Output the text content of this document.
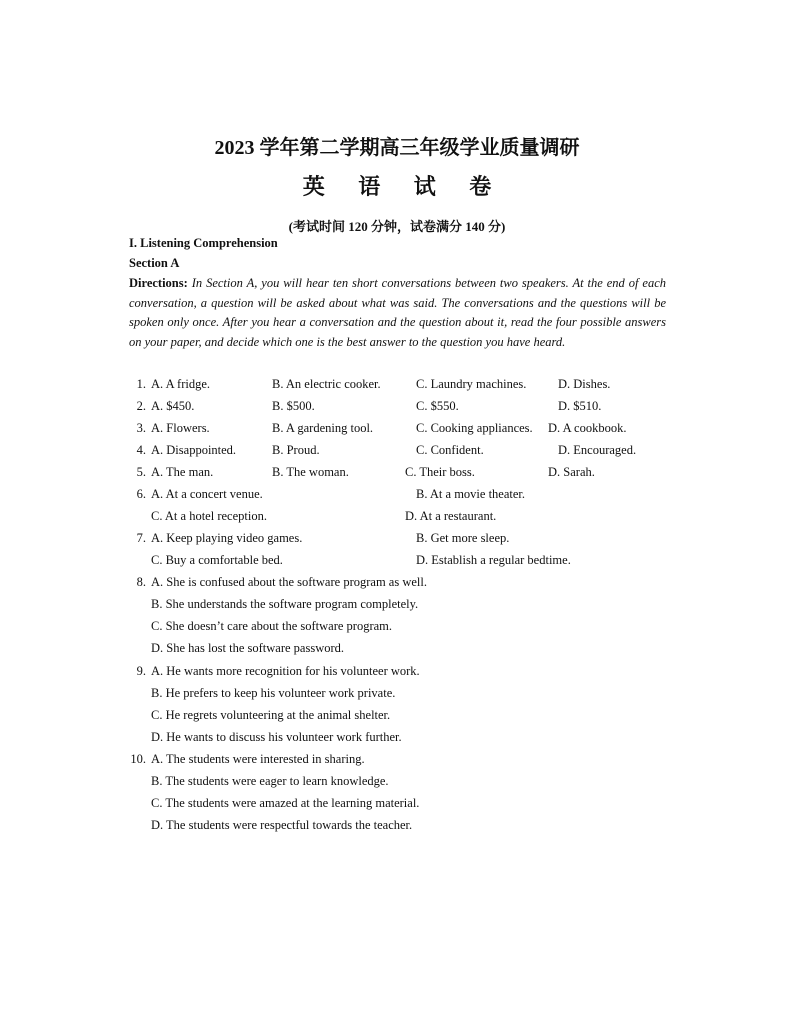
2023 学年第二学期高三年级学业质量调研
英 语 试 卷
(考试时间 120 分钟，试卷满分 140 分)
I. Listening Comprehension
Section A
Directions: In Section A, you will hear ten short conversations between two speakers. At the end of each conversation, a question will be asked about what was said. The conversations and the questions will be spoken only once. After you hear a conversation and the question about it, read the four possible answers on your paper, and decide which one is the best answer to the question you have heard.
1. A. A fridge.	B. An electric cooker.	C. Laundry machines.	D. Dishes.
2. A. $450.	B. $500.	C. $550.	D. $510.
3. A. Flowers.	B. A gardening tool.	C. Cooking appliances. D. A cookbook.
4. A. Disappointed.	B. Proud.	C. Confident.	D. Encouraged.
5. A. The man.	B. The woman.	C. Their boss.	D. Sarah.
6. A. At a concert venue.	B. At a movie theater.
C. At a hotel reception.	D. At a restaurant.
7. A. Keep playing video games.	B. Get more sleep.
C. Buy a comfortable bed.	D. Establish a regular bedtime.
8. A. She is confused about the software program as well.
B. She understands the software program completely.
C. She doesn’t care about the software program.
D. She has lost the software password.
9. A. He wants more recognition for his volunteer work.
B. He prefers to keep his volunteer work private.
C. He regrets volunteering at the animal shelter.
D. He wants to discuss his volunteer work further.
10. A. The students were interested in sharing.
B. The students were eager to learn knowledge.
C. The students were amazed at the learning material.
D. The students were respectful towards the teacher.
